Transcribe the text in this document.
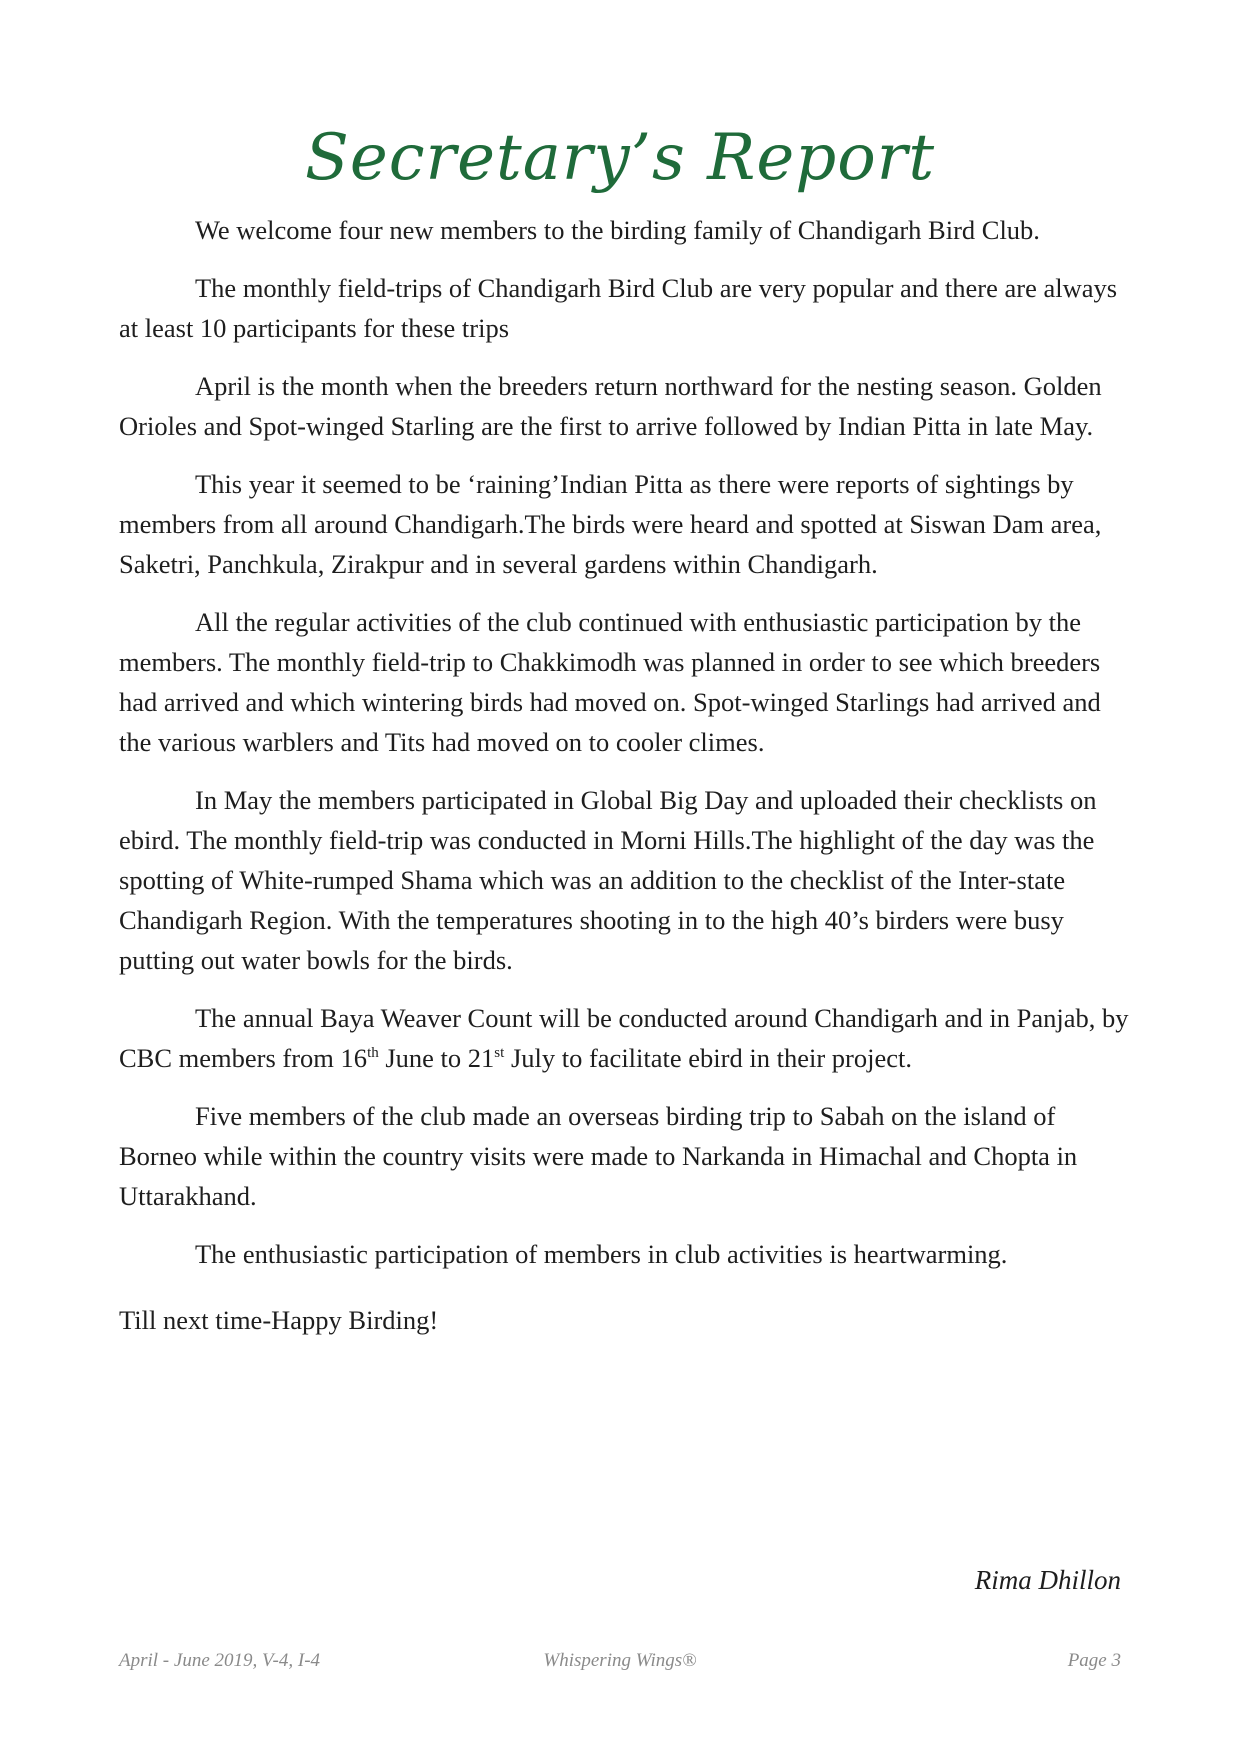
Secretary’s Report

We welcome four new members to the birding family of Chandigarh Bird Club.

The monthly field-trips of Chandigarh Bird Club are very popular and there are always at least 10 participants for these trips

April is the month when the breeders return northward for the nesting season. Golden Orioles and Spot-winged Starling are the first to arrive followed by Indian Pitta in late May.

This year it seemed to be ‘raining’Indian Pitta as there were reports of sightings by members from all around Chandigarh.The birds were heard and spotted at Siswan Dam area, Saketri, Panchkula, Zirakpur and in several gardens within Chandigarh.

All the regular activities of the club continued with enthusiastic participation by the members. The monthly field-trip to Chakkimodh was planned in order to see which breeders had arrived and which wintering birds had moved on. Spot-winged Starlings had arrived and the various warblers and Tits had moved on to cooler climes.

In May the members participated in Global Big Day and uploaded their checklists on ebird. The monthly field-trip was conducted in Morni Hills.The highlight of the day was the spotting of White-rumped Shama which was an addition to the checklist of the Inter-state Chandigarh Region. With the temperatures shooting in to the high 40’s birders were busy putting out water bowls for the birds.

The annual Baya Weaver Count will be conducted around Chandigarh and in Panjab, by CBC members from 16th June to 21st July to facilitate ebird in their project.

Five members of the club made an overseas birding trip to Sabah on the island of Borneo while within the country visits were made to Narkanda in Himachal and Chopta in Uttarakhand.

The enthusiastic participation of members in club activities is heartwarming.

Till next time-Happy Birding!

Rima Dhillon
April - June 2019, V-4, I-4	Whispering Wings®	Page 3
